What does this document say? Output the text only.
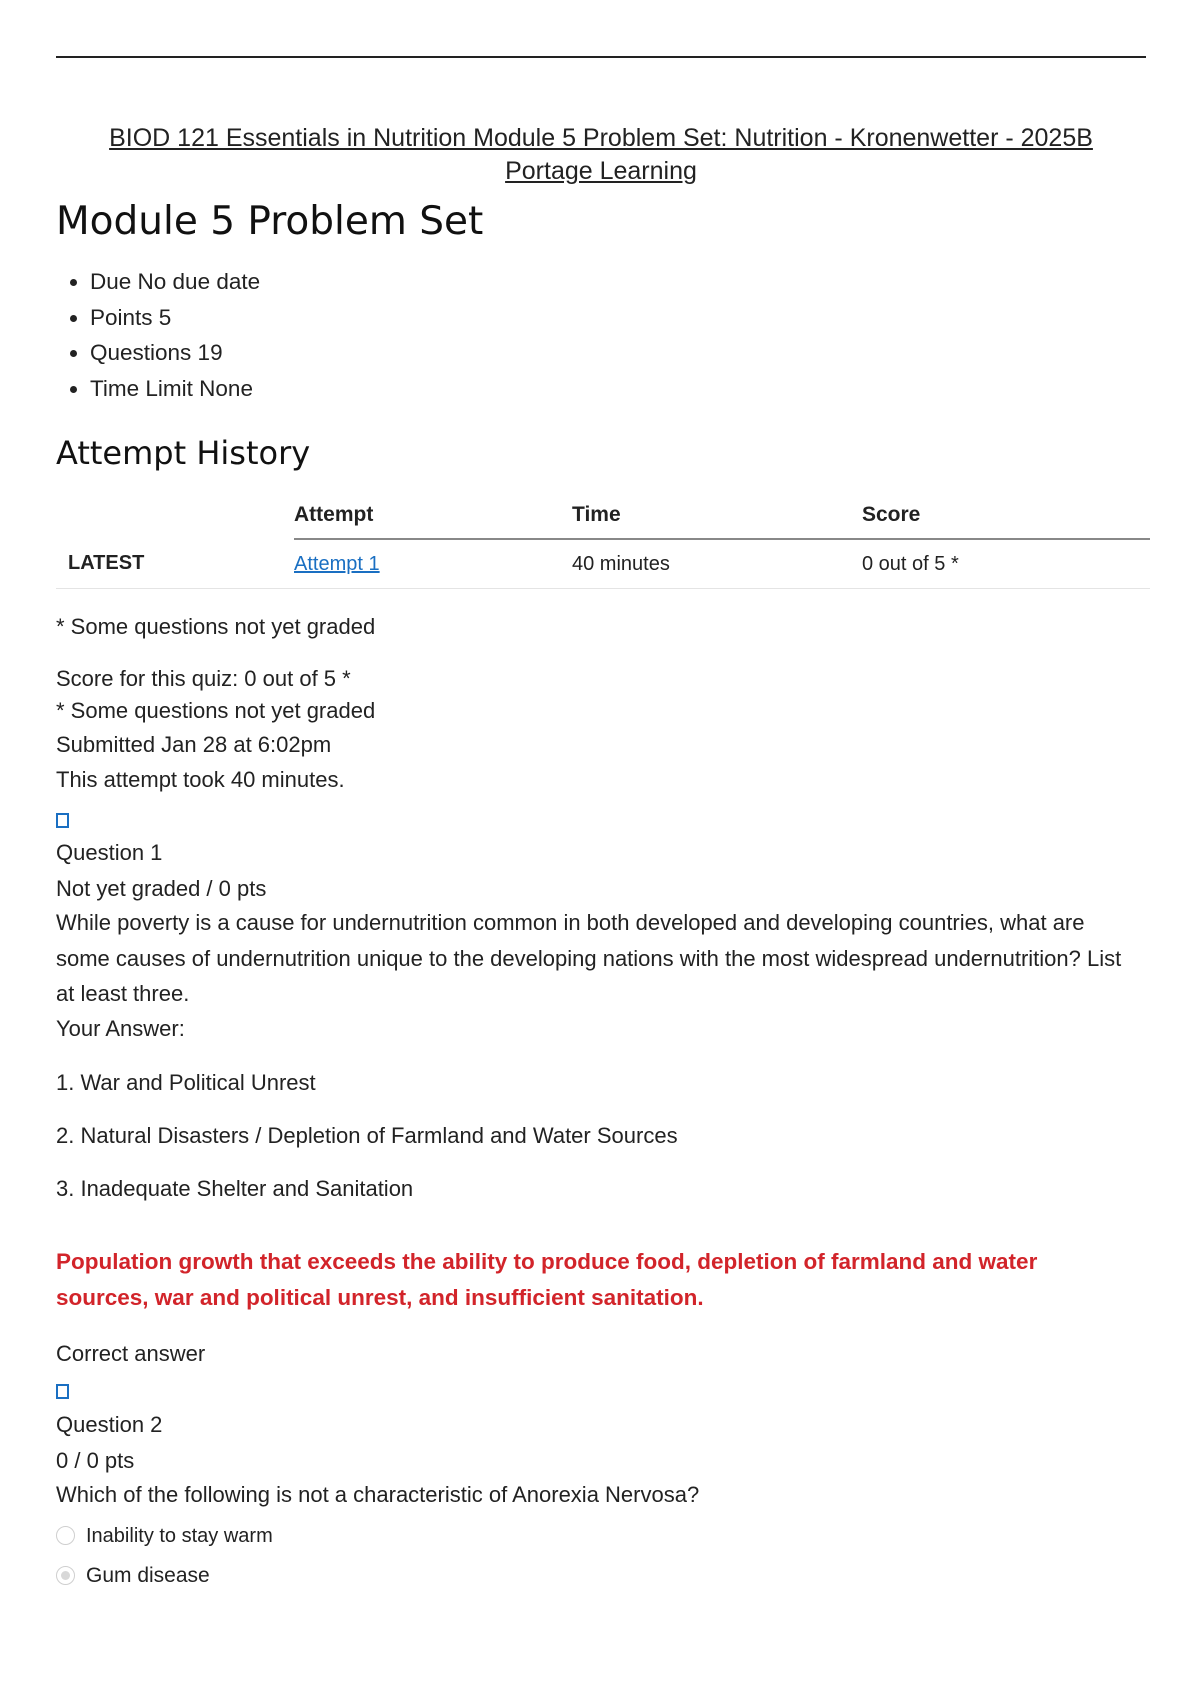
BIOD 121 Essentials in Nutrition Module 5 Problem Set: Nutrition - Kronenwetter - 2025B
Portage Learning
Module 5 Problem Set
• Due No due date
• Points 5
• Questions 19
• Time Limit None
Attempt History
	Attempt	Time	Score
LATEST	Attempt 1	40 minutes	0 out of 5 *
* Some questions not yet graded
Score for this quiz: 0 out of 5 *
* Some questions not yet graded
Submitted Jan 28 at 6:02pm
This attempt took 40 minutes.
Question 1
Not yet graded / 0 pts
While poverty is a cause for undernutrition common in both developed and developing countries, what are some causes of undernutrition unique to the developing nations with the most widespread undernutrition? List at least three.
Your Answer:
1. War and Political Unrest
2. Natural Disasters / Depletion of Farmland and Water Sources
3. Inadequate Shelter and Sanitation
Population growth that exceeds the ability to produce food, depletion of farmland and water sources, war and political unrest, and insufficient sanitation.
Correct answer
Question 2
0 / 0 pts
Which of the following is not a characteristic of Anorexia Nervosa?
Inability to stay warm
Gum disease
